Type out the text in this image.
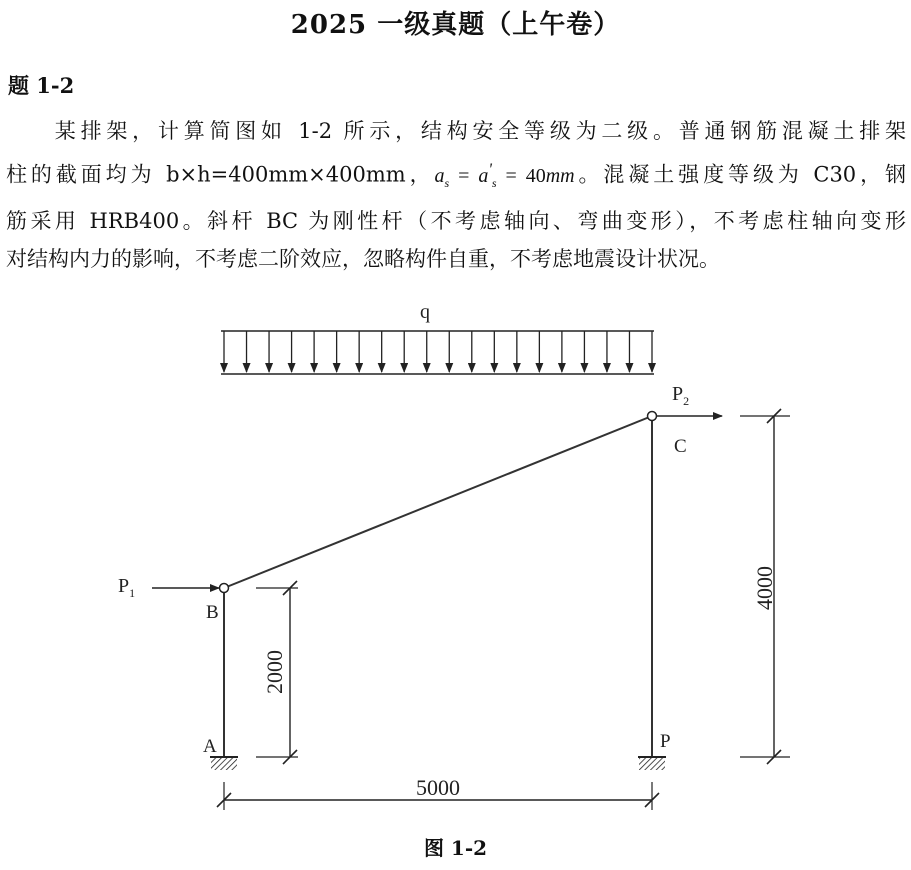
2025 一级真题（上午卷）
题 1-2
某排架，计算简图如 1-2 所示，结构安全等级为二级。普通钢筋混凝土排架
柱的截面均为 b×h=400mm×400mm，$a_s = a'_s = 40mm$。混凝土强度等级为 C30，钢
筋采用 HRB400。斜杆 BC 为刚性杆（不考虑轴向、弯曲变形），不考虑柱轴向变形
对结构内力的影响，不考虑二阶效应，忽略构件自重，不考虑地震设计状况。
q
$P_1$
$P_2$
B
A
C
P
2000
4000
5000
图 1-2
